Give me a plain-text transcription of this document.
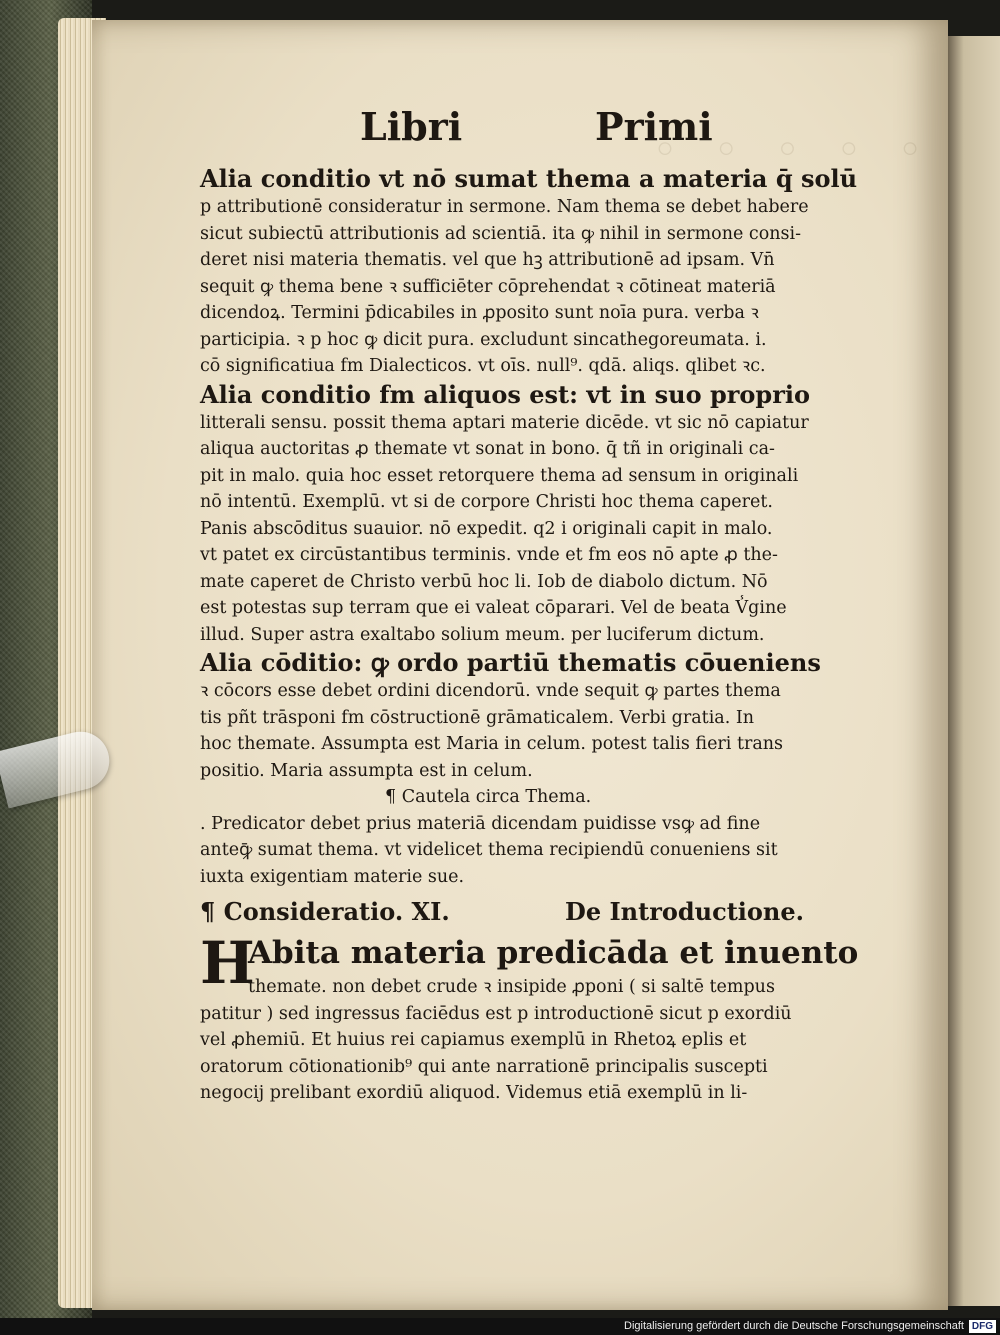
◦ ◦ ◦ ◦ ◦
Libri	Primi
Alia conditio vt nō sumat thema a materia q̄ solū
p attributionē consideratur in sermone. Nam thema se debet habere
sicut subiectū attributionis ad scientiā. ita ꝙ nihil in sermone consi-
deret nisi materia thematis. vel que hꝫ attributionē ad ipsam. Vn̄
sequit ꝙ thema bene ꝛ sufficiēter cōprehendat ꝛ cōtineat materiā
dicendoꝝ. Termini p̄dicabiles in ꝓposito sunt noīa pura. verba ꝛ
participia. ꝛ p hoc ꝙ dicit pura. excludunt sincathegoreumata. i.
cō significatiua fm Dialecticos. vt oīs. null⁹. qdā. aliqs. qlibet ꝛc.
Alia conditio fm aliquos est: vt in suo proprio
litterali sensu. possit thema aptari materie dicēde. vt sic nō capiatur
aliqua auctoritas ꝓ themate vt sonat in bono. q̄ tñ in originali ca-
pit in malo. quia hoc esset retorquere thema ad sensum in originali
nō intentū. Exemplū. vt si de corpore Christi hoc thema caperet.
Panis abscōditus suauior. nō expedit. q2 i originali capit in malo.
vt patet ex circūstantibus terminis. vnde et fm eos nō apte ꝓ the-
mate caperet de Christo verbū hoc li. Iob de diabolo dictum. Nō
est potestas sup terram que ei valeat cōparari. Vel de beata V̾gine
illud. Super astra exaltabo solium meum. per luciferum dictum.
Alia cōditio: ꝙ ordo partiū thematis cōueniens
ꝛ cōcors esse debet ordini dicendorū. vnde sequit ꝙ partes thema
tis pñt trāsponi fm cōstructionē grāmaticalem. Verbi gratia. In
hoc themate. Assumpta est Maria in celum. potest talis fieri trans
positio. Maria assumpta est in celum.
¶ Cautela circa Thema.
. Predicator debet prius materiā dicendam puidisse vsꝙ ad fine
anteꝙ̄ sumat thema. vt videlicet thema recipiendū conueniens sit
iuxta exigentiam materie sue.
¶ Consideratio. XI.	De Introductione.
H
Abita materia predicāda et inuento
themate. non debet crude ꝛ insipide ꝓponi ( si saltē tempus
patitur ) sed ingressus faciēdus est p introductionē sicut p exordiū
vel ꝓhemiū. Et huius rei capiamus exemplū in Rhetoꝝ eplis et
oratorum cōtionationib⁹ qui ante narrationē principalis suscepti
negocij prelibant exordiū aliquod. Videmus etiā exemplū in li-
Digitalisierung gefördert durch die Deutsche Forschungsgemeinschaft DFG
